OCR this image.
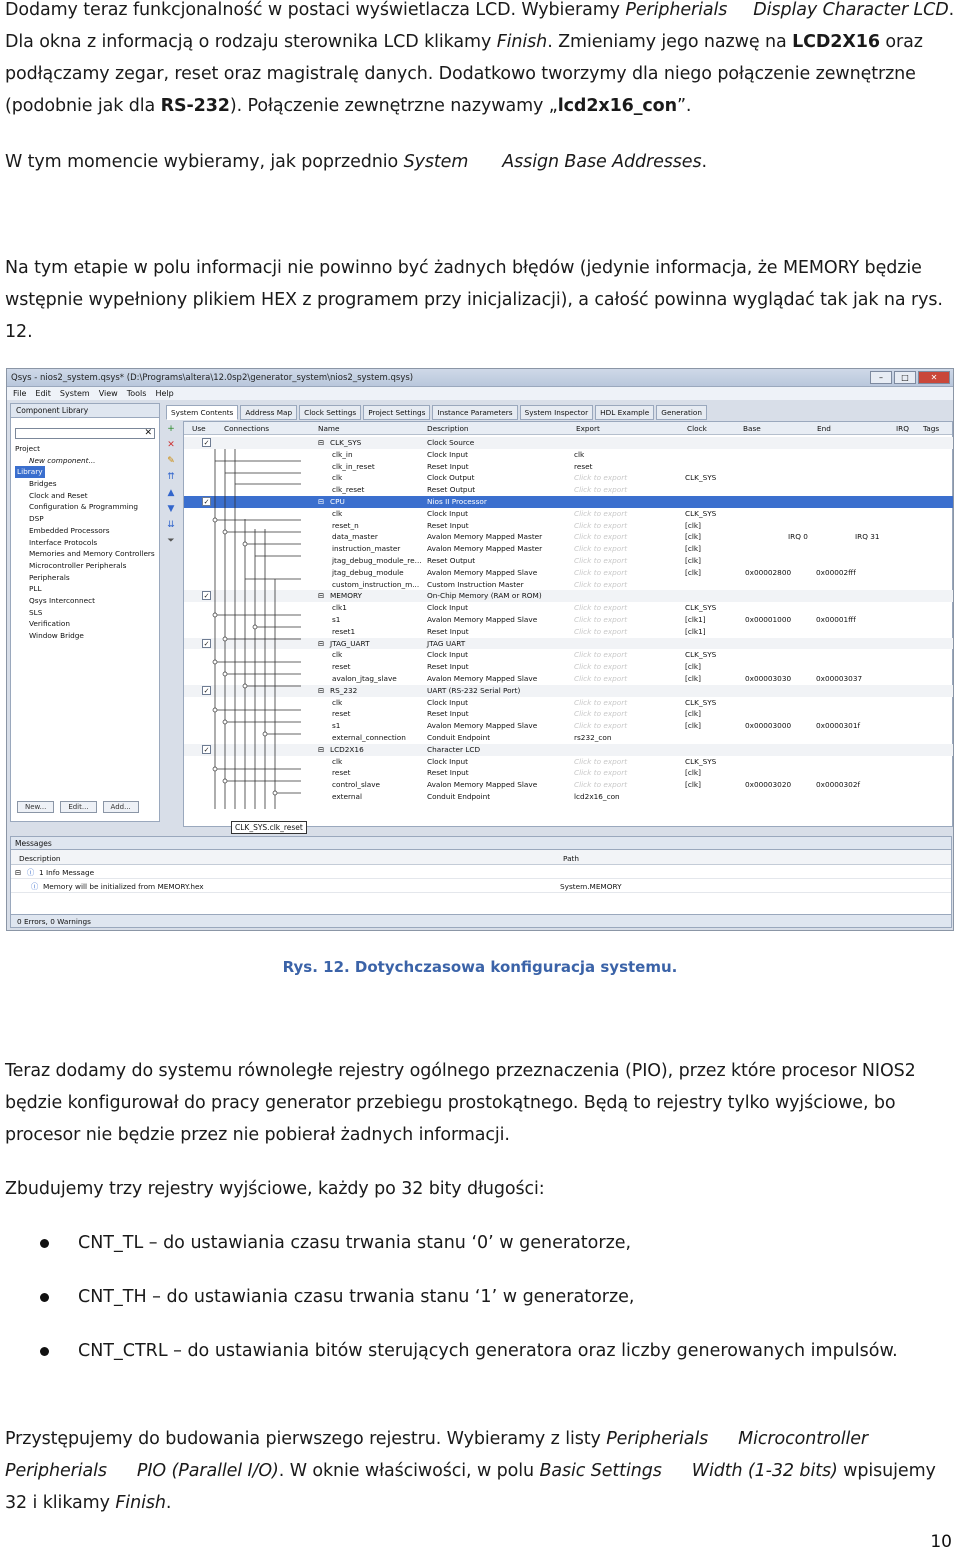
Dodamy teraz funkcjonalność w postaci wyświetlacza LCD. Wybieramy Peripherials Display Character LCD. Dla okna z informacją o rodzaju sterownika LCD klikamy Finish. Zmieniamy jego nazwę na LCD2X16 oraz podłączamy zegar, reset oraz magistralę danych. Dodatkowo tworzymy dla niego połączenie zewnętrzne (podobnie jak dla RS-232). Połączenie zewnętrzne nazywamy „lcd2x16_con”.
W tym momencie wybieramy, jak poprzednio System Assign Base Addresses.
Na tym etapie w polu informacji nie powinno być żadnych błędów (jedynie informacja, że MEMORY będzie wstępnie wypełniony plikiem HEX z programem przy inicjalizacji), a całość powinna wyglądać tak jak na rys. 12.
Qsys - nios2_system.qsys* (D:\Programs\altera\12.0sp2\generator_system\nios2_system.qsys)	–	□	✕
File Edit System View Tools Help
Component Library
✕
Project
New component...
Library
Bridges
Clock and Reset
Configuration & Programming
DSP
Embedded Processors
Interface Protocols
Memories and Memory Controllers
Microcontroller Peripherals
Peripherals
PLL
Qsys Interconnect
SLS
Verification
Window Bridge
New...	Edit...	Add...
System Contents	Address Map	Clock Settings	Project Settings	Instance Parameters	System Inspector	HDL Example	Generation
+
✕
✎
⇈
▲
▼
⇊
⏷
Use	Connections	Name	Description	Export	Clock	Base	End	IRQ Tags
✓	⊟ CLK_SYS	Clock Source
clk_in	Clock Input	clk
clk_in_reset	Reset Input	reset
clk	Clock Output	Click to export	CLK_SYS
clk_reset	Reset Output	Click to export
✓	⊟ CPU	Nios II Processor
clk	Clock Input	Click to export	CLK_SYS
reset_n	Reset Input	Click to export	[clk]
data_master	Avalon Memory Mapped Master	Click to export	[clk]	IRQ 0	IRQ 31
instruction_master	Avalon Memory Mapped Master	Click to export	[clk]
jtag_debug_module_re... Reset Output	Click to export	[clk]
jtag_debug_module	Avalon Memory Mapped Slave	Click to export	[clk]	0x00002800	0x00002fff
custom_instruction_m... Custom Instruction Master	Click to export
✓	⊟ MEMORY	On-Chip Memory (RAM or ROM)
clk1	Clock Input	Click to export	CLK_SYS
s1	Avalon Memory Mapped Slave	Click to export	[clk1]	0x00001000	0x00001fff
reset1	Reset Input	Click to export	[clk1]
✓	⊟ JTAG_UART	JTAG UART
clk	Clock Input	Click to export	CLK_SYS
reset	Reset Input	Click to export	[clk]
avalon_jtag_slave	Avalon Memory Mapped Slave	Click to export	[clk]	0x00003030	0x00003037
✓	⊟ RS_232	UART (RS-232 Serial Port)
clk	Clock Input	Click to export	CLK_SYS
reset	Reset Input	Click to export	[clk]
s1	Avalon Memory Mapped Slave	Click to export	[clk]	0x00003000	0x0000301f
external_connection	Conduit Endpoint	rs232_con
✓	⊟ LCD2X16	Character LCD
clk	Clock Input	Click to export	CLK_SYS
reset	Reset Input	Click to export	[clk]
control_slave	Avalon Memory Mapped Slave	Click to export	[clk]	0x00003020	0x0000302f
external	Conduit Endpoint	lcd2x16_con
CLK_SYS.clk_reset
Messages
Description	Path
⊟ ⓘ 1 Info Message
ⓘ Memory will be initialized from MEMORY.hex	System.MEMORY
0 Errors, 0 Warnings
Rys. 12. Dotychczasowa konfiguracja systemu.
Teraz dodamy do systemu równoległe rejestry ogólnego przeznaczenia (PIO), przez które procesor NIOS2 będzie konfigurował do pracy generator przebiegu prostokątnego. Będą to rejestry tylko wyjściowe, bo procesor nie będzie przez nie pobierał żadnych informacji.
Zbudujemy trzy rejestry wyjściowe, każdy po 32 bity długości:
CNT_TL – do ustawiania czasu trwania stanu ‘0’ w generatorze,
CNT_TH – do ustawiania czasu trwania stanu ‘1’ w generatorze,
CNT_CTRL – do ustawiania bitów sterujących generatora oraz liczby generowanych impulsów.
Przystępujemy do budowania pierwszego rejestru. Wybieramy z listy Peripherials Microcontroller Peripherials PIO (Parallel I/O). W oknie właściwości, w polu Basic Settings Width (1-32 bits) wpisujemy 32 i klikamy Finish.
10
